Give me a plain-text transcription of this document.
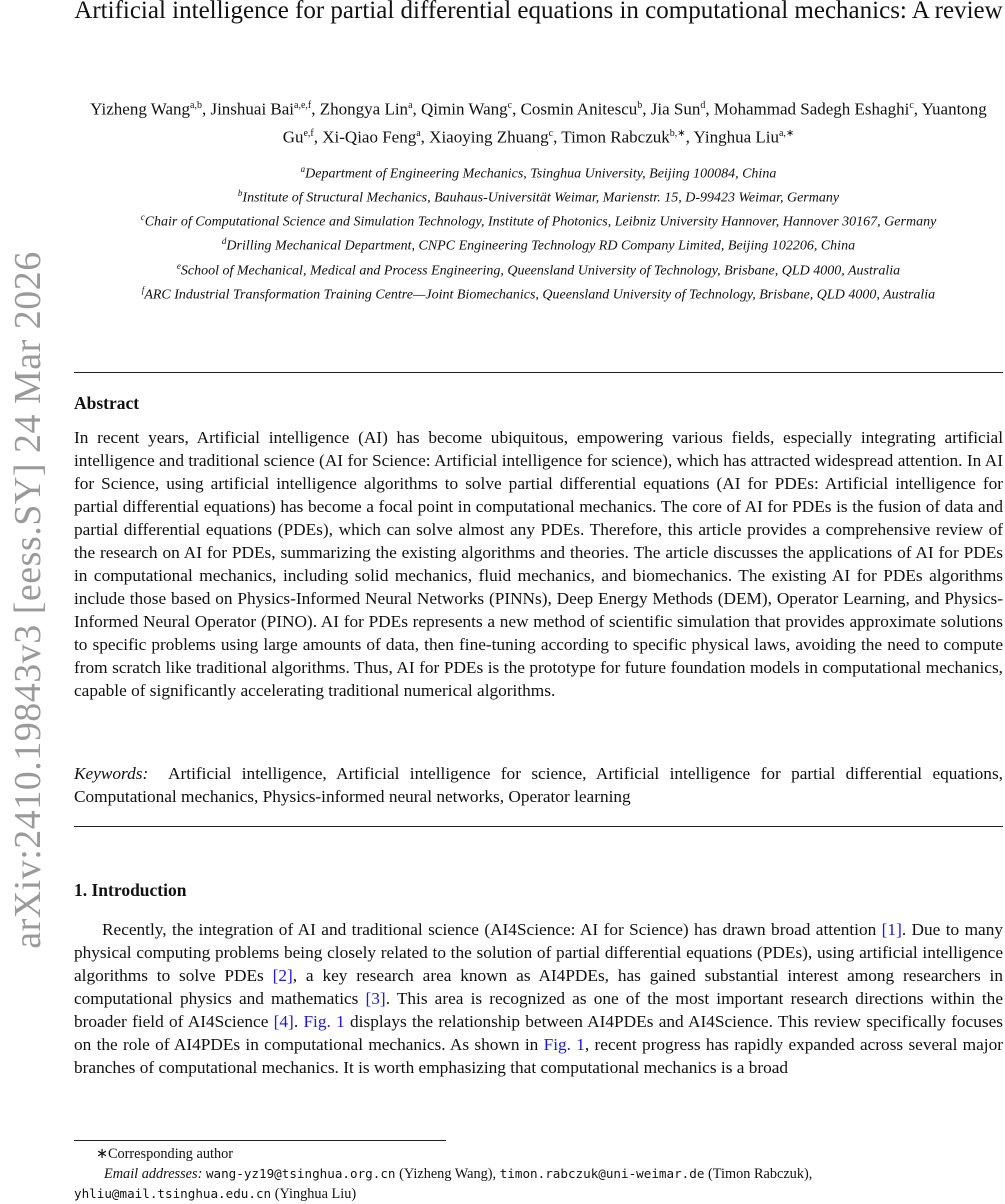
arXiv:2410.19843v3 [eess.SY] 24 Mar 2026
Artificial intelligence for partial differential equations in computational mechanics: A review
Yizheng Wang$^{a,b}$, Jinshuai Bai$^{a,e,f}$, Zhongya Lin$^a$, Qimin Wang$^c$, Cosmin Anitescu$^b$, Jia Sun$^d$, Mohammad Sadegh Eshaghi$^c$, Yuantong Gu$^{e,f}$, Xi-Qiao Feng$^a$, Xiaoying Zhuang$^c$, Timon Rabczuk$^{b,∗}$, Yinghua Liu$^{a,∗}$
$^a$Department of Engineering Mechanics, Tsinghua University, Beijing 100084, China
$^b$Institute of Structural Mechanics, Bauhaus-Universität Weimar, Marienstr. 15, D-99423 Weimar, Germany
$^c$Chair of Computational Science and Simulation Technology, Institute of Photonics, Leibniz University Hannover, Hannover 30167, Germany
$^d$Drilling Mechanical Department, CNPC Engineering Technology RD Company Limited, Beijing 102206, China
$^e$School of Mechanical, Medical and Process Engineering, Queensland University of Technology, Brisbane, QLD 4000, Australia
$^f$ARC Industrial Transformation Training Centre—Joint Biomechanics, Queensland University of Technology, Brisbane, QLD 4000, Australia
Abstract
In recent years, Artificial intelligence (AI) has become ubiquitous, empowering various fields, especially integrating artificial intelligence and traditional science (AI for Science: Artificial intelligence for science), which has attracted widespread attention. In AI for Science, using artificial intelligence algorithms to solve partial differential equations (AI for PDEs: Artificial intelligence for partial differential equations) has become a focal point in computational mechanics. The core of AI for PDEs is the fusion of data and partial differential equations (PDEs), which can solve almost any PDEs. Therefore, this article provides a comprehensive review of the research on AI for PDEs, summarizing the existing algorithms and theories. The article discusses the applications of AI for PDEs in computational mechanics, including solid mechanics, fluid mechanics, and biomechanics. The existing AI for PDEs algorithms include those based on Physics-Informed Neural Networks (PINNs), Deep Energy Methods (DEM), Operator Learning, and Physics-Informed Neural Operator (PINO). AI for PDEs represents a new method of scientific simulation that provides approximate solutions to specific problems using large amounts of data, then fine-tuning according to specific physical laws, avoiding the need to compute from scratch like traditional algorithms. Thus, AI for PDEs is the prototype for future foundation models in computational mechanics, capable of significantly accelerating traditional numerical algorithms.
Keywords: Artificial intelligence, Artificial intelligence for science, Artificial intelligence for partial differential equations, Computational mechanics, Physics-informed neural networks, Operator learning
1. Introduction
Recently, the integration of AI and traditional science (AI4Science: AI for Science) has drawn broad attention [1]. Due to many physical computing problems being closely related to the solution of partial differential equations (PDEs), using artificial intelligence algorithms to solve PDEs [2], a key research area known as AI4PDEs, has gained substantial interest among researchers in computational physics and mathematics [3]. This area is recognized as one of the most important research directions within the broader field of AI4Science [4]. Fig. 1 displays the relationship between AI4PDEs and AI4Science. This review specifically focuses on the role of AI4PDEs in computational mechanics. As shown in Fig. 1, recent progress has rapidly expanded across several major branches of computational mechanics. It is worth emphasizing that computational mechanics is a broad
∗Corresponding author
Email addresses: wang-yz19@tsinghua.org.cn (Yizheng Wang), timon.rabczuk@uni-weimar.de (Timon Rabczuk),
yhliu@mail.tsinghua.edu.cn (Yinghua Liu)
